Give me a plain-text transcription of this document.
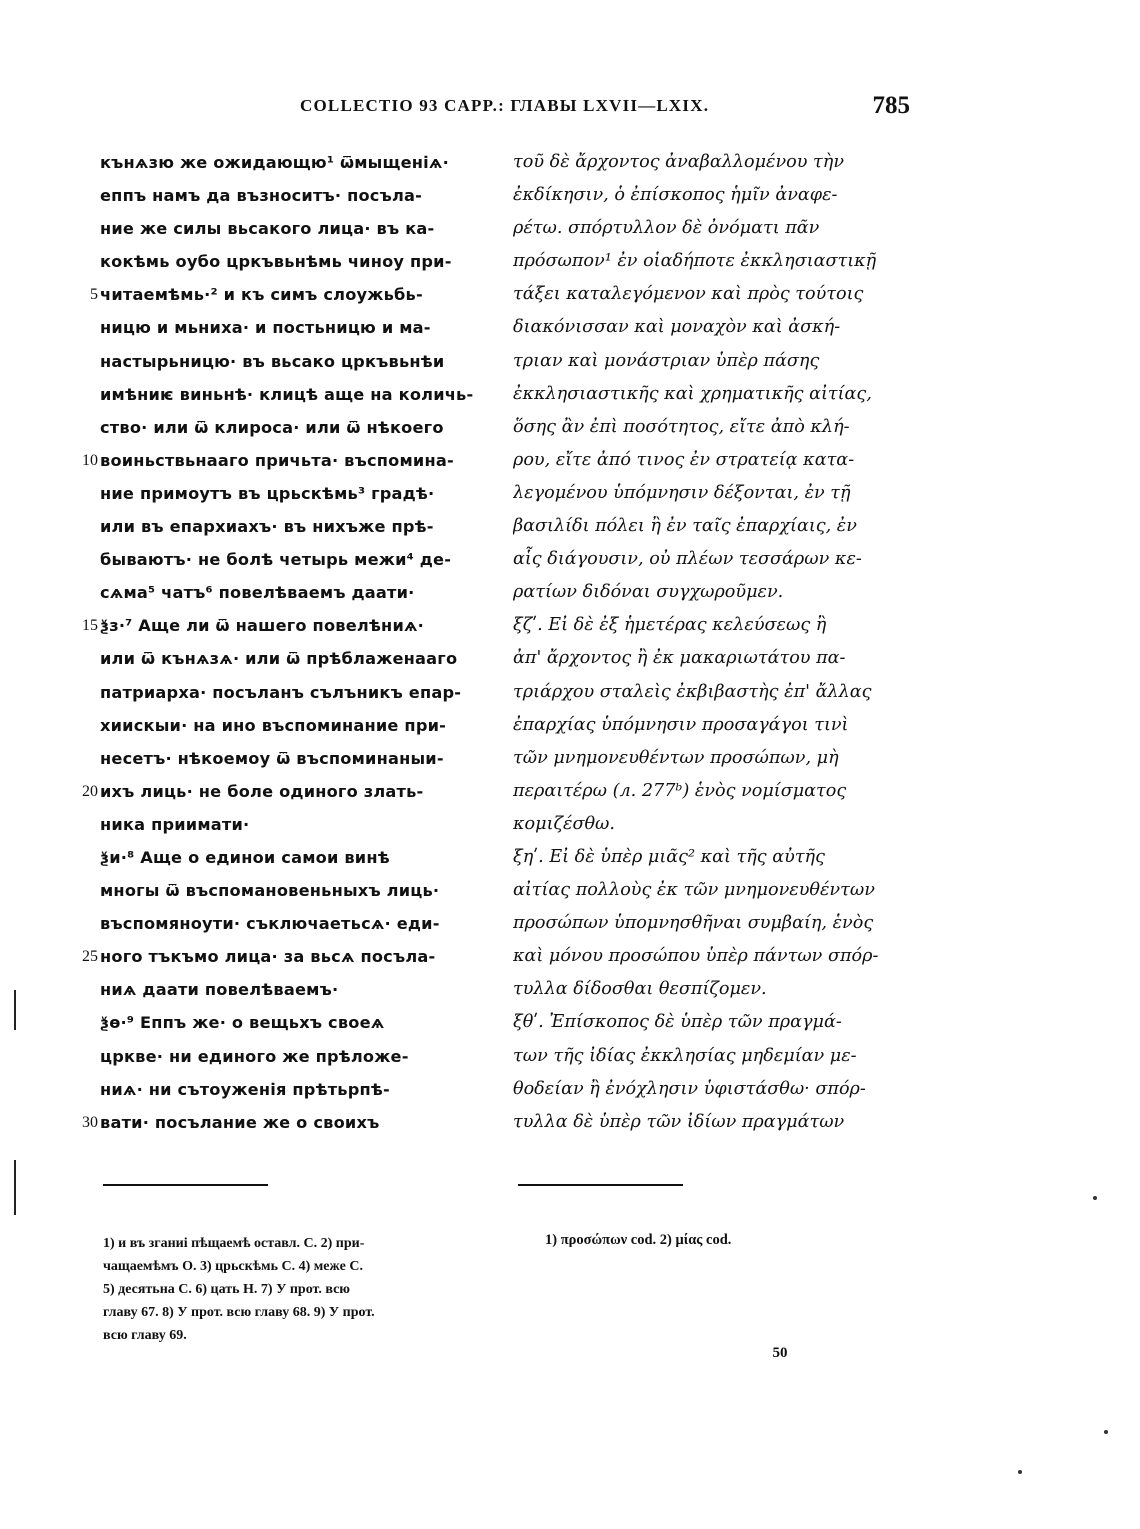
COLLECTIO 93 CAPP.: ГЛАВЫ LXVII—LXIX.	785
5
10
15
20
25
30
кънѧзю же ожидающю¹ ѿмыщеніѧ·
еппъ намъ да възноситъ· посъла-
ние же силы вьсакого лица· въ ка-
кокѣмь оубо цркъвьнѣмь чиноу при-
читаемѣмь·² и къ симъ слоужьбь-
ницю и мьнихa· и постьницю и ма-
настырьницю· въ вьсако цркъвьнѣи
имѣниѥ виньнѣ· клицѣ аще на количь-
ство· или ѿ клироса· или ѿ нѣкоего
воиньствьнааго причьта· въспомина-
ние примоутъ въ црьскѣмь³ градѣ·
или въ епархиахъ· въ нихъже прѣ-
бываютъ· не болѣ четырь межи⁴ де-
сѧма⁵ чатъ⁶ повелѣваемъ даати·
ѯз·⁷ Аще ли ѿ нашего повелѣниѧ·
или ѿ кънѧзѧ· или ѿ прѣблаженааго
патриарха· посъланъ сълъникъ епар-
хиискыи· на ино въспоминание при-
несетъ· нѣкоемоу ѿ въспоминаныи-
ихъ лиць· не боле одиного злать-
ника приимати·
ѯи·⁸ Аще о единои самои винѣ
многы ѿ въспомановеньныхъ лиць·
въспомяноути· съключаетьсѧ· еди-
ного тъкъмо лица· за вьсѧ посъла-
ниѧ даати повелѣваемъ·
ѯѳ·⁹ Еппъ же· о вещьхъ своеѧ
цркве· ни единого же прѣложе-
ниѧ· ни сътоуженія прѣтьрпѣ-
вати· посъланиe же о своихъ
τοῦ δὲ ἄρχοντος ἀναβαλλομένου τὴν
ἐκδίκησιν, ὁ ἐπίσκοπος ἡμῖν ἀναφε-
ρέτω. σπόρτυλλον δὲ ὀνόματι πᾶν
πρόσωπον¹ ἐν οἱαδήποτε ἐκκλησιαστικῇ
τάξει καταλεγόμενον καὶ πρὸς τούτοις
διακόνισσαν καὶ μοναχὸν καὶ ἀσκή-
τριαν καὶ μονάστριαν ὑπὲρ πάσης
ἐκκλησιαστικῆς καὶ χρηματικῆς αἰτίας,
ὅσης ἂν ἐπὶ ποσότητος, εἴτε ἀπὸ κλή-
ρου, εἴτε ἀπό τινος ἐν στρατείᾳ κατα-
λεγομένου ὑπόμνησιν δέξονται, ἐν τῇ
βασιλίδι πόλει ἢ ἐν ταῖς ἐπαρχίαις, ἐν
αἷς διάγουσιν, οὐ πλέων τεσσάρων κε-
ρατίων διδόναι συγχωροῦμεν.
ξζʹ. Εἰ δὲ ἐξ ἡμετέρας κελεύσεως ἢ
ἀπ' ἄρχοντος ἢ ἐκ μακαριωτάτου πα-
τριάρχου σταλεὶς ἐκβιβαστὴς ἐπ' ἄλλας
ἐπαρχίας ὑπόμνησιν προσαγάγοι τινὶ
τῶν μνημονευθέντων προσώπων, μὴ
περαιτέρω (л. 277ᵇ) ἑνὸς νομίσματος
κομιζέσθω.
ξηʹ. Εἰ δὲ ὑπὲρ μιᾶς² καὶ τῆς αὐτῆς
αἰτίας πολλοὺς ἐκ τῶν μνημονευθέντων
προσώπων ὑπομνησθῆναι συμβαίη, ἑνὸς
καὶ μόνου προσώπου ὑπὲρ πάντων σπόρ-
τυλλα δίδοσθαι θεσπίζομεν.
ξθʹ. Ἐπίσκοπος δὲ ὑπὲρ τῶν πραγμά-
των τῆς ἰδίας ἐκκλησίας μηδεμίαν με-
θοδείαν ἢ ἐνόχλησιν ὑφιστάσθω· σπόρ-
τυλλα δὲ ὑπὲρ τῶν ἰδίων πραγμάτων
1) и въ зганиі пѣщаемѣ оставл. С. 2) при-
чащаемѣмъ О. 3) црьскѣмь С. 4) межe С.
5) десятьна С. 6) цать Н. 7) У прот. всю
главу 67. 8) У прот. всю главу 68. 9) У прот.
всю главу 69.
1) προσώπων cod. 2) μίας cod.
50
